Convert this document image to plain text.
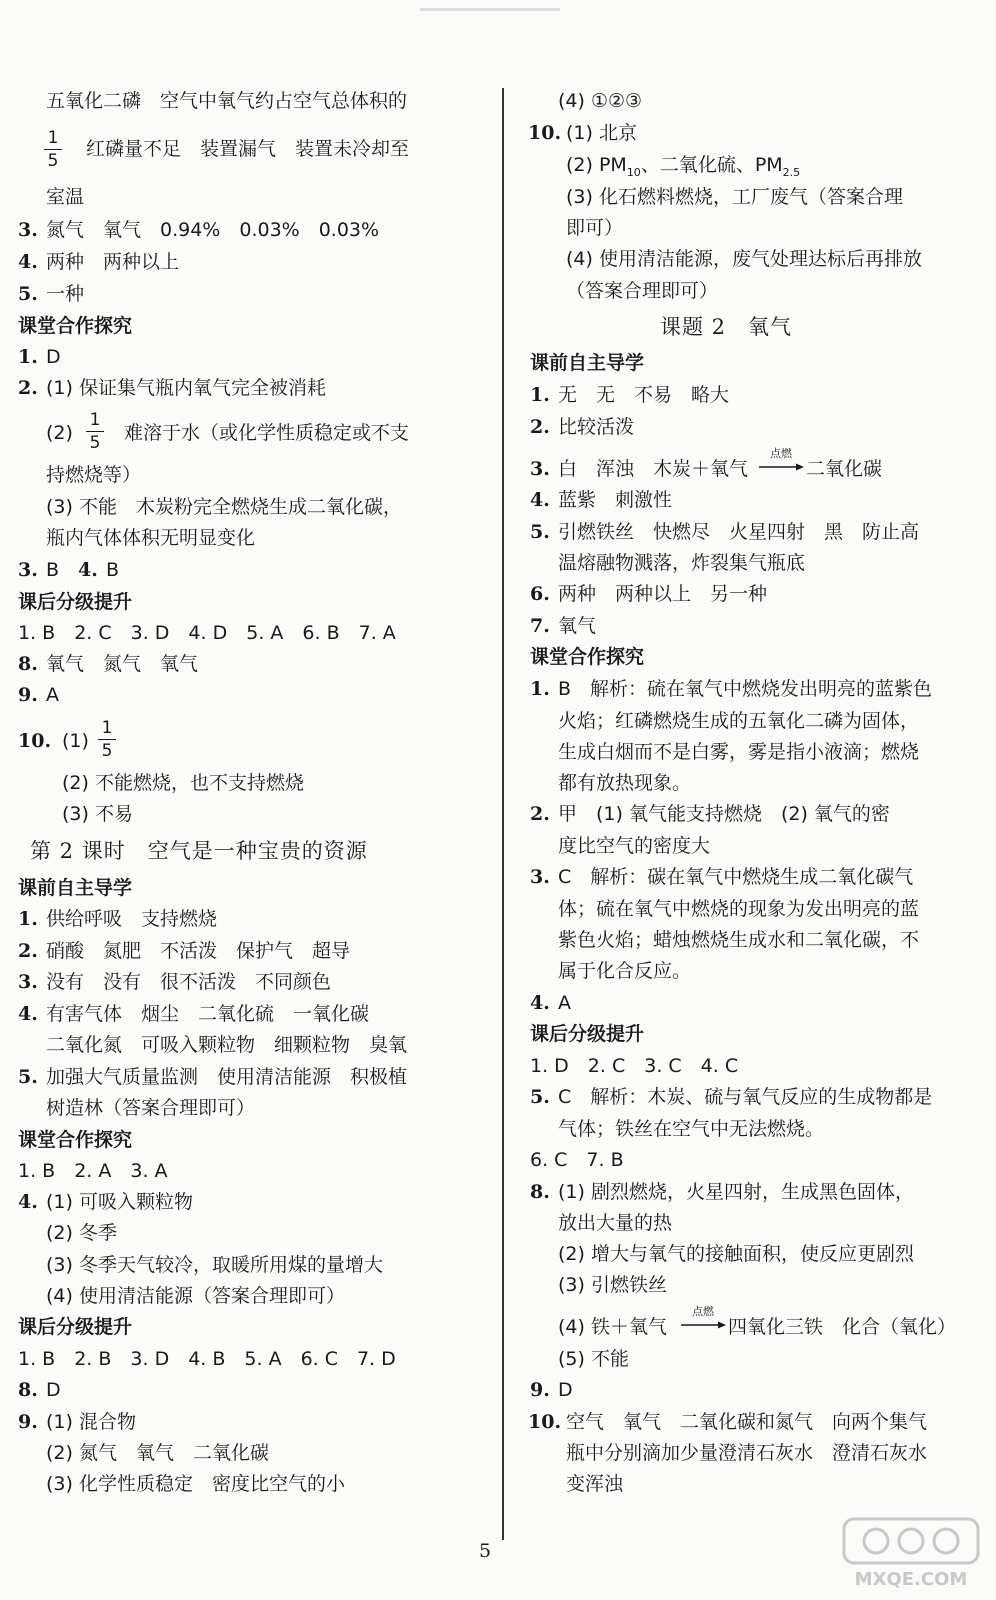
五氧化二磷　空气中氧气约占空气总体积的
$\frac{1}{5}$ 红磷量不足　装置漏气　装置未冷却至
室温
3. 氮气　氧气　0.94%　0.03%　0.03%
4. 两种　两种以上
5. 一种
课堂合作探究
1. D
2. (1) 保证集气瓶内氧气完全被消耗
$(2) \frac{1}{5}$ 难溶于水（或化学性质稳定或不支
持燃烧等）
(3) 不能　木炭粉完全燃烧生成二氧化碳，
瓶内气体体积无明显变化
3. B 4. B
课后分级提升
1. B　2. C　3. D　4. D　5. A　6. B　7. A
8. 氧气　氮气　氧气
9. A
10. $(1) \frac{1}{5}$
(2) 不能燃烧，也不支持燃烧
(3) 不易
第 2 课时　空气是一种宝贵的资源
课前自主导学
1. 供给呼吸　支持燃烧
2. 硝酸　氮肥　不活泼　保护气　超导
3. 没有　没有　很不活泼　不同颜色
4. 有害气体　烟尘　二氧化硫　一氧化碳
二氧化氮　可吸入颗粒物　细颗粒物　臭氧
5. 加强大气质量监测　使用清洁能源　积极植
树造林（答案合理即可）
课堂合作探究
1. B　2. A　3. A
4. (1) 可吸入颗粒物
(2) 冬季
(3) 冬季天气较冷，取暖所用煤的量增大
(4) 使用清洁能源（答案合理即可）
课后分级提升
1. B　2. B　3. D　4. B　5. A　6. C　7. D
8. D
9. (1) 混合物
(2) 氮气　氧气　二氧化碳
(3) 化学性质稳定　密度比空气的小
(4) ①②③
10. (1) 北京
(2) $PM_{10}$、二氧化硫、$PM_{2.5}$
(3) 化石燃料燃烧，工厂废气（答案合理
即可）
(4) 使用清洁能源，废气处理达标后再排放
（答案合理即可）
课题 2　氧气
课前自主导学
1. 无　无　不易　略大
2. 比较活泼
3. 白　浑浊　木炭＋氧气
点燃
二氧化碳
4. 蓝紫　刺激性
5. 引燃铁丝　快燃尽　火星四射　黑　防止高
温熔融物溅落，炸裂集气瓶底
6. 两种　两种以上　另一种
7. 氧气
课堂合作探究
1. B　解析：硫在氧气中燃烧发出明亮的蓝紫色
火焰；红磷燃烧生成的五氧化二磷为固体，
生成白烟而不是白雾，雾是指小液滴；燃烧
都有放热现象。
2. 甲　(1) 氧气能支持燃烧　(2) 氧气的密
度比空气的密度大
3. C　解析：碳在氧气中燃烧生成二氧化碳气
体；硫在氧气中燃烧的现象为发出明亮的蓝
紫色火焰；蜡烛燃烧生成水和二氧化碳，不
属于化合反应。
4. A
课后分级提升
1. D　2. C　3. C　4. C
5. C　解析：木炭、硫与氧气反应的生成物都是
气体；铁丝在空气中无法燃烧。
6. C　7. B
8. (1) 剧烈燃烧，火星四射，生成黑色固体，
放出大量的热
(2) 增大与氧气的接触面积，使反应更剧烈
(3) 引燃铁丝
(4) 铁＋氧气
点燃
四氧化三铁　化合（氧化）
(5) 不能
9. D
10. 空气　氧气　二氧化碳和氮气　向两个集气
瓶中分别滴加少量澄清石灰水　澄清石灰水
变浑浊
5
MXQE.COM
